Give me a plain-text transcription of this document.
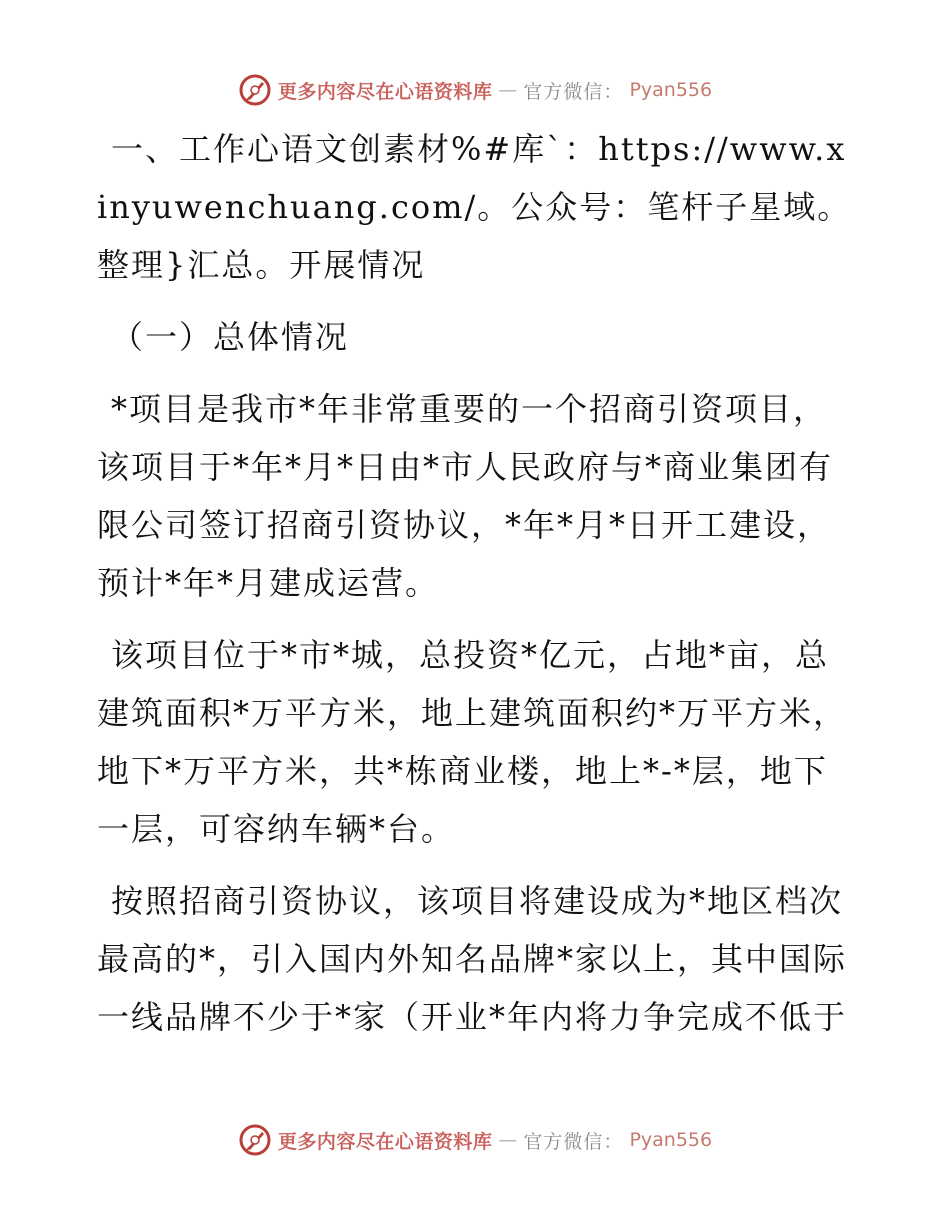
更多内容尽在心语资料库 — 官方微信： Pyan556

一、工作心语文创素材%#库`：https://www.xinyuwenchuang.com/。公众号：笔杆子星域。整理}汇总。开展情况

（一）总体情况

*项目是我市*年非常重要的一个招商引资项目，该项目于*年*月*日由*市人民政府与*商业集团有限公司签订招商引资协议，*年*月*日开工建设，预计*年*月建成运营。

该项目位于*市*城，总投资*亿元，占地*亩，总建筑面积*万平方米，地上建筑面积约*万平方米，地下*万平方米，共*栋商业楼，地上*-*层，地下一层，可容纳车辆*台。

按照招商引资协议，该项目将建设成为*地区档次最高的*，引入国内外知名品牌*家以上，其中国际一线品牌不少于*家（开业*年内将力争完成不低于

更多内容尽在心语资料库 — 官方微信： Pyan556
